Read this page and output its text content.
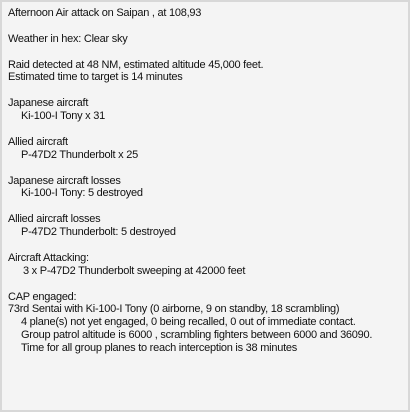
Afternoon Air attack on Saipan , at 108,93
Weather in hex: Clear sky
Raid detected at 48 NM, estimated altitude 45,000 feet.
Estimated time to target is 14 minutes
Japanese aircraft
Ki-100-I Tony x 31
Allied aircraft
P-47D2 Thunderbolt x 25
Japanese aircraft losses
Ki-100-I Tony: 5 destroyed
Allied aircraft losses
P-47D2 Thunderbolt: 5 destroyed
Aircraft Attacking:
3 x P-47D2 Thunderbolt sweeping at 42000 feet
CAP engaged:
73rd Sentai with Ki-100-I Tony (0 airborne, 9 on standby, 18 scrambling)
4 plane(s) not yet engaged, 0 being recalled, 0 out of immediate contact.
Group patrol altitude is 6000 , scrambling fighters between 6000 and 36090.
Time for all group planes to reach interception is 38 minutes
